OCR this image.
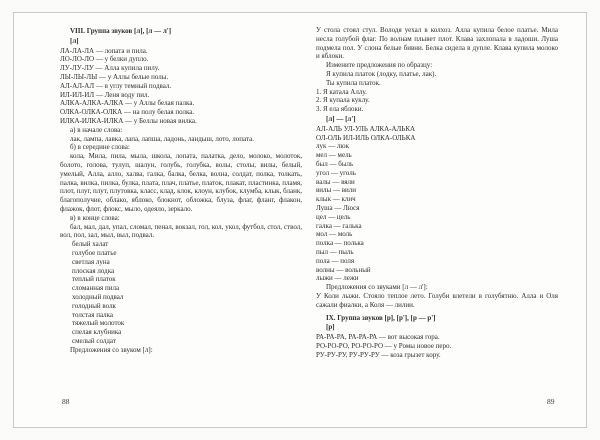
VIII. Группа звуков [л], [л — л']
[л]
ЛА-ЛА-ЛА — лопата и пила.
ЛО-ЛО-ЛО — у белки дупло.
ЛУ-ЛУ-ЛУ — Алла купила пилу.
ЛЫ-ЛЫ-ЛЫ — у Аллы белые полы.
АЛ-АЛ-АЛ — в углу темный подвал.
ИЛ-ИЛ-ИЛ — Леня воду пил.
АЛКА-АЛКА-АЛКА — у Аллы белая палка.
ОЛКА-ОЛКА-ОЛКА — на полу белая полка.
ИЛКА-ИЛКА-ИЛКА — у Беллы новая вилка.
а) в начале слова:
лак, лампа, лавка, лапа, лапша, ладонь, ландыш, лото, лопата.
б) в середине слова:
кола, Мила, пила, мыла, школа, лопата, палатка, дело, молоко, молоток, болото, голова, тулуп, шалун, голубь, голубка, волы, столы, вилы, белый, умелый, Алла, алло, халва, галка, балка, белка, волна, солдат, полка, толкать, палка, вилка, пилка, булка, плата, плач, платье, платок, плакат, пластинка, пламя, плот, плуг, плут, плутовка, класс, клад, клок, клоун, клубок, клумба, клык, бланк, благополучие, облако, яблоко, блокнот, обложка, блуза, флаг, фланг, флакон, флажок, флот, флокс, мыло, одеяло, зеркало.
в) в конце слова:
бал, мал, дал, упал, сломал, пенал, вокзал, гол, кол, укол, футбол, стол, ствол, вол, пол, зал, мыл, выл, подвал.
белый халат
голубое платье
светлая луна
плоская лодка
теплый платок
сломанная пила
холодный подвал
голодный волк
толстая палка
тяжелый молоток
спелая клубника
смелый солдат
Предложения со звуком [л]:
У стола стоял стул. Володя уехал в колхоз. Алла купила белое платье. Мила несла голубой флаг. По волнам плывет плот. Клава захлопала в ладоши. Луша подмела пол. У слона белые бивни. Белка сидела в дупле. Клава купила молоко и яблоки.
Измените предложения по образцу:
Я купила платок (лодку, платье, лак).
Ты купила платок.
1. Я катала Аллу.
2. Я купала куклу.
3. Я ела яблоки.
[л] — [л']
АЛ-АЛЬ УЛ-УЛЬ АЛКА-АЛЬКА
ОЛ-ОЛЬ ИЛ-ИЛЬ ОЛКА-ОЛЬКА
лук — люк
мел — мель
был — быль
угол — уголь
валы — вяли
вилы — вили
клык — клич
Луша — Люся
цел — цель
галка — галька
мол — моль
полка — полька
пыл — пыль
пола — поля
волны — вольный
лыжи — лежи
Предложения со звуками [л — л']:
У Коли лыжи. Стояло теплое лето. Голуби влетели в голубятню. Алла и Оля сажали фиалки, а Коля — лилии.
IX. Группа звуков [р], [р'], [р — р']
[р]
РА-РА-РА, РА-РА-РА — вот высокая гора.
РО-РО-РО, РО-РО-РО — у Ромы новое перо.
РУ-РУ-РУ, РУ-РУ-РУ — коза грызет кору.
88	89
